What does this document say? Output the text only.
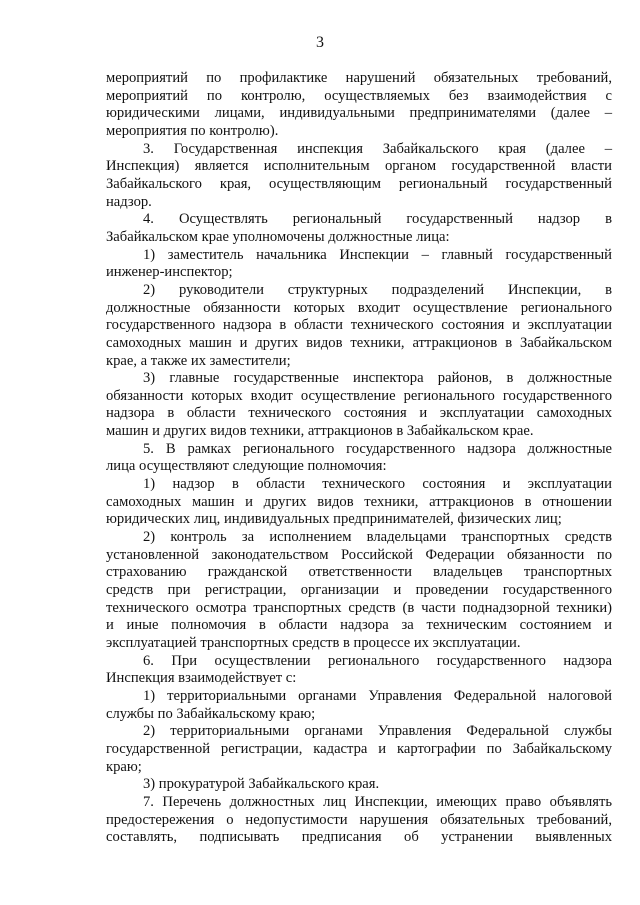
3
мероприятий по профилактике нарушений обязательных требований,
мероприятий по контролю, осуществляемых без взаимодействия с
юридическими лицами, индивидуальными предпринимателями (далее –
мероприятия по контролю).
3. Государственная инспекция Забайкальского края (далее –
Инспекция) является исполнительным органом государственной власти
Забайкальского края, осуществляющим региональный государственный
надзор.
4. Осуществлять региональный государственный надзор в
Забайкальском крае уполномочены должностные лица:
1) заместитель начальника Инспекции – главный государственный
инженер-инспектор;
2) руководители структурных подразделений Инспекции, в
должностные обязанности которых входит осуществление регионального
государственного надзора в области технического состояния и эксплуатации
самоходных машин и других видов техники, аттракционов в Забайкальском
крае, а также их заместители;
3) главные государственные инспектора районов, в должностные
обязанности которых входит осуществление регионального государственного
надзора в области технического состояния и эксплуатации самоходных
машин и других видов техники, аттракционов в Забайкальском крае.
5. В рамках регионального государственного надзора должностные
лица осуществляют следующие полномочия:
1) надзор в области технического состояния и эксплуатации
самоходных машин и других видов техники, аттракционов в отношении
юридических лиц, индивидуальных предпринимателей, физических лиц;
2) контроль за исполнением владельцами транспортных средств
установленной законодательством Российской Федерации обязанности по
страхованию гражданской ответственности владельцев транспортных
средств при регистрации, организации и проведении государственного
технического осмотра транспортных средств (в части поднадзорной техники)
и иные полномочия в области надзора за техническим состоянием и
эксплуатацией транспортных средств в процессе их эксплуатации.
6. При осуществлении регионального государственного надзора
Инспекция взаимодействует с:
1) территориальными органами Управления Федеральной налоговой
службы по Забайкальскому краю;
2) территориальными органами Управления Федеральной службы
государственной регистрации, кадастра и картографии по Забайкальскому
краю;
3) прокуратурой Забайкальского края.
7. Перечень должностных лиц Инспекции, имеющих право объявлять
предостережения о недопустимости нарушения обязательных требований,
составлять, подписывать предписания об устранении выявленных
